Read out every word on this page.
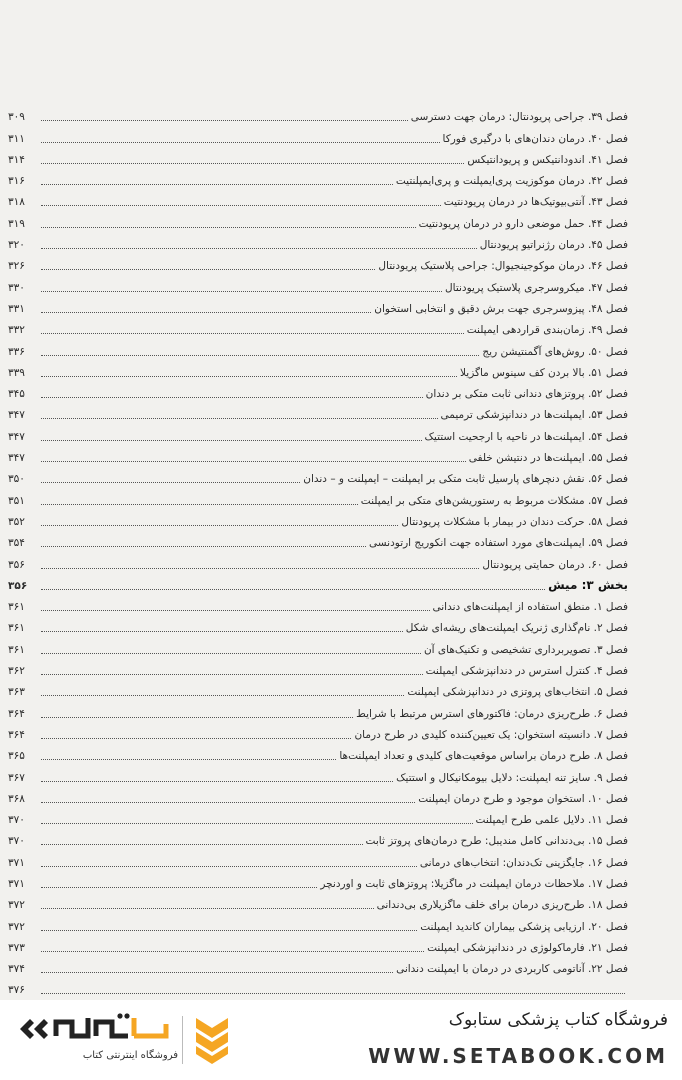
فصل ۳۹. جراحی پریودنتال: درمان جهت دسترسی
۳۰۹
فصل ۴۰. درمان دندان‌های با درگیری فورکا
۳۱۱
فصل ۴۱. اندودانتیکس و پریودانتیکس
۳۱۴
فصل ۴۲. درمان موکوزیت پری‌ایمپلنت و پری‌ایمپلنتیت
۳۱۶
فصل ۴۳. آنتی‌بیوتیک‌ها در درمان پریودنتیت
۳۱۸
فصل ۴۴. حمل موضعی دارو در درمان پریودنتیت
۳۱۹
فصل ۴۵. درمان رژنراتیو پریودنتال
۳۲۰
فصل ۴۶. درمان موکوجینجیوال: جراحی پلاستیک پریودنتال
۳۲۶
فصل ۴۷. میکروسرجری پلاستیک پریودنتال
۳۳۰
فصل ۴۸. پیزوسرجری جهت برش دقیق و انتخابی استخوان
۳۳۱
فصل ۴۹. زمان‌بندی قراردهی ایمپلنت
۳۳۲
فصل ۵۰. روش‌های آگمنتیشن ریج
۳۳۶
فصل ۵۱. بالا بردن کف سینوس ماگزیلا
۳۳۹
فصل ۵۲. پروتزهای دندانی ثابت متکی بر دندان
۳۴۵
فصل ۵۳. ایمپلنت‌ها در دندانپزشکی ترمیمی
۳۴۷
فصل ۵۴. ایمپلنت‌ها در ناحیه با ارجحیت استتیک
۳۴۷
فصل ۵۵. ایمپلنت‌ها در دنتیشن خلفی
۳۴۷
فصل ۵۶. نقش دنچرهای پارسیل ثابت متکی بر ایمپلنت – ایمپلنت و – دندان
۳۵۰
فصل ۵۷. مشکلات مربوط به رستوریشن‌های متکی بر ایمپلنت
۳۵۱
فصل ۵۸. حرکت دندان در بیمار با مشکلات پریودنتال
۳۵۲
فصل ۵۹. ایمپلنت‌های مورد استفاده جهت انکوریج ارتودنسی
۳۵۴
فصل ۶۰. درمان حمایتی پریودنتال
۳۵۶
بخش ۳: میش
۳۵۶
فصل ۱. منطق استفاده از ایمپلنت‌های دندانی
۳۶۱
فصل ۲. نام‌گذاری ژنریک ایمپلنت‌های ریشه‌ای شکل
۳۶۱
فصل ۳. تصویربرداری تشخیصی و تکنیک‌های آن
۳۶۱
فصل ۴. کنترل استرس در دندانپزشکی ایمپلنت
۳۶۲
فصل ۵. انتخاب‌های پروتزی در دندانپزشکی ایمپلنت
۳۶۳
فصل ۶. طرح‌ریزی درمان: فاکتورهای استرس مرتبط با شرایط
۳۶۴
فصل ۷. دانسیته استخوان: یک تعیین‌کننده کلیدی در طرح درمان
۳۶۴
فصل ۸. طرح درمان براساس موقعیت‌های کلیدی و تعداد ایمپلنت‌ها
۳۶۵
فصل ۹. سایز تنه ایمپلنت: دلایل بیومکانیکال و استتیک
۳۶۷
فصل ۱۰. استخوان موجود و طرح درمان ایمپلنت
۳۶۸
فصل ۱۱. دلایل علمی طرح ایمپلنت
۳۷۰
فصل ۱۵. بی‌دندانی کامل مندیبل: طرح درمان‌های پروتز ثابت
۳۷۰
فصل ۱۶. جایگزینی تک‌دندان: انتخاب‌های درمانی
۳۷۱
فصل ۱۷. ملاحظات درمان ایمپلنت در ماگزیلا: پروتزهای ثابت و اوردنچر
۳۷۱
فصل ۱۸. طرح‌ریزی درمان برای خلف ماگزیلاری بی‌دندانی
۳۷۲
فصل ۲۰. ارزیابی پزشکی بیماران کاندید ایمپلنت
۳۷۲
فصل ۲۱. فارماکولوژی در دندانپزشکی ایمپلنت
۳۷۳
فصل ۲۲. آناتومی کاربردی در درمان با ایمپلنت دندانی
۳۷۴
۳۷۶
فروشگاه اینترنتی کتاب
فروشگاه کتاب پزشکی ستابوک
WWW.SETABOOK.COM
